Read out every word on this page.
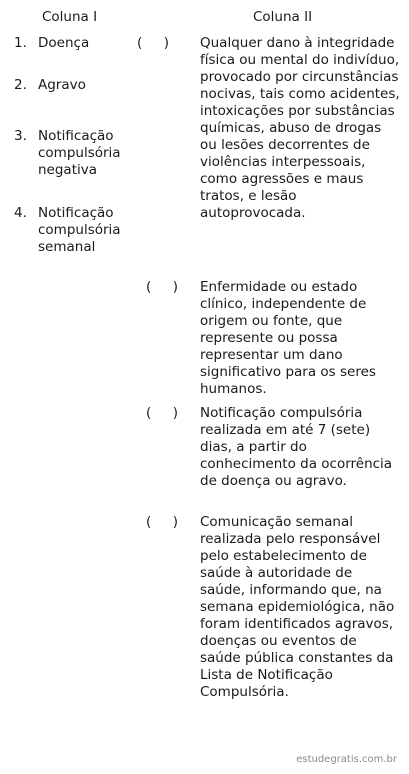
Coluna I	Coluna II
1. Doença
2. Agravo
3. Notificação compulsória negativa
4. Notificação compulsória semanal
(     ) Qualquer dano à integridade física ou mental do indivíduo, provocado por circunstâncias nocivas, tais como acidentes, intoxicações por substâncias químicas, abuso de drogas ou lesões decorrentes de violências interpessoais, como agressões e maus tratos, e lesão autoprovocada.
(     ) Enfermidade ou estado clínico, independente de origem ou fonte, que represente ou possa representar um dano significativo para os seres humanos.
(     ) Notificação compulsória realizada em até 7 (sete) dias, a partir do conhecimento da ocorrência de doença ou agravo.
(     ) Comunicação semanal realizada pelo responsável pelo estabelecimento de saúde à autoridade de saúde, informando que, na semana epidemiológica, não foram identificados agravos, doenças ou eventos de saúde pública constantes da Lista de Notificação Compulsória.
estudegratis.com.br
